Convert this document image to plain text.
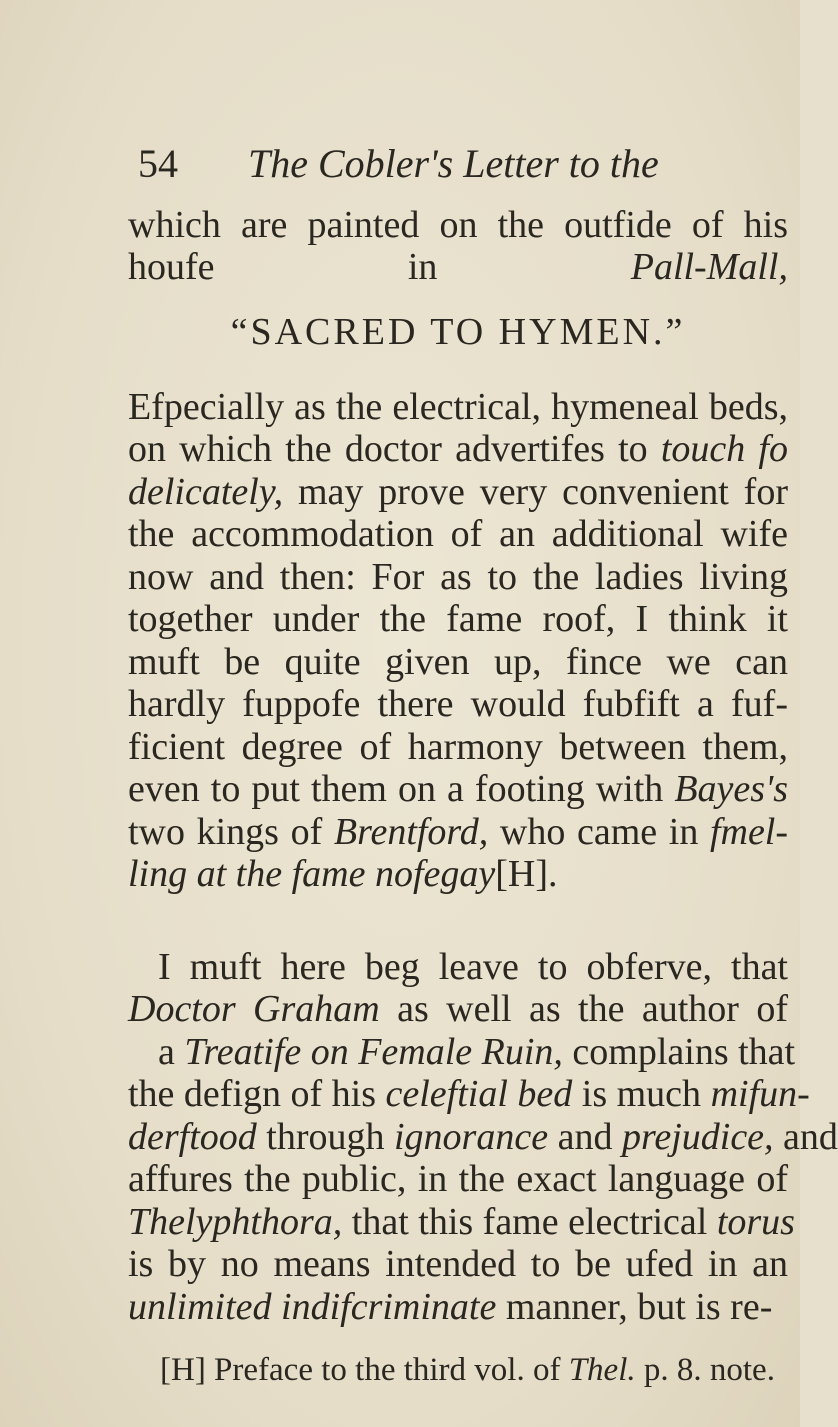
54 The Cobler's Letter to the
which are painted on the outfide of his
houfe in Pall-Mall,
“SACRED TO HYMEN.”
Efpecially as the electrical, hymeneal beds,
on which the doctor advertifes to touch fo
delicately, may prove very convenient for
the accommodation of an additional wife
now and then: For as to the ladies living
together under the fame roof, I think it
muft be quite given up, fince we can
hardly fuppofe there would fubfift a fuf-
ficient degree of harmony between them,
even to put them on a footing with Bayes's
two kings of Brentford, who came in fmel-
ling at the fame nofegay[H].
I muft here beg leave to obferve, that
Doctor Graham as well as the author of
a Treatife on Female Ruin, complains that
the defign of his celeftial bed is much mifun-
derftood through ignorance and prejudice, and
affures the public, in the exact language of
Thelyphthora, that this fame electrical torus
is by no means intended to be ufed in an
unlimited indifcriminate manner, but is re-
[H] Preface to the third vol. of Thel. p. 8. note.
